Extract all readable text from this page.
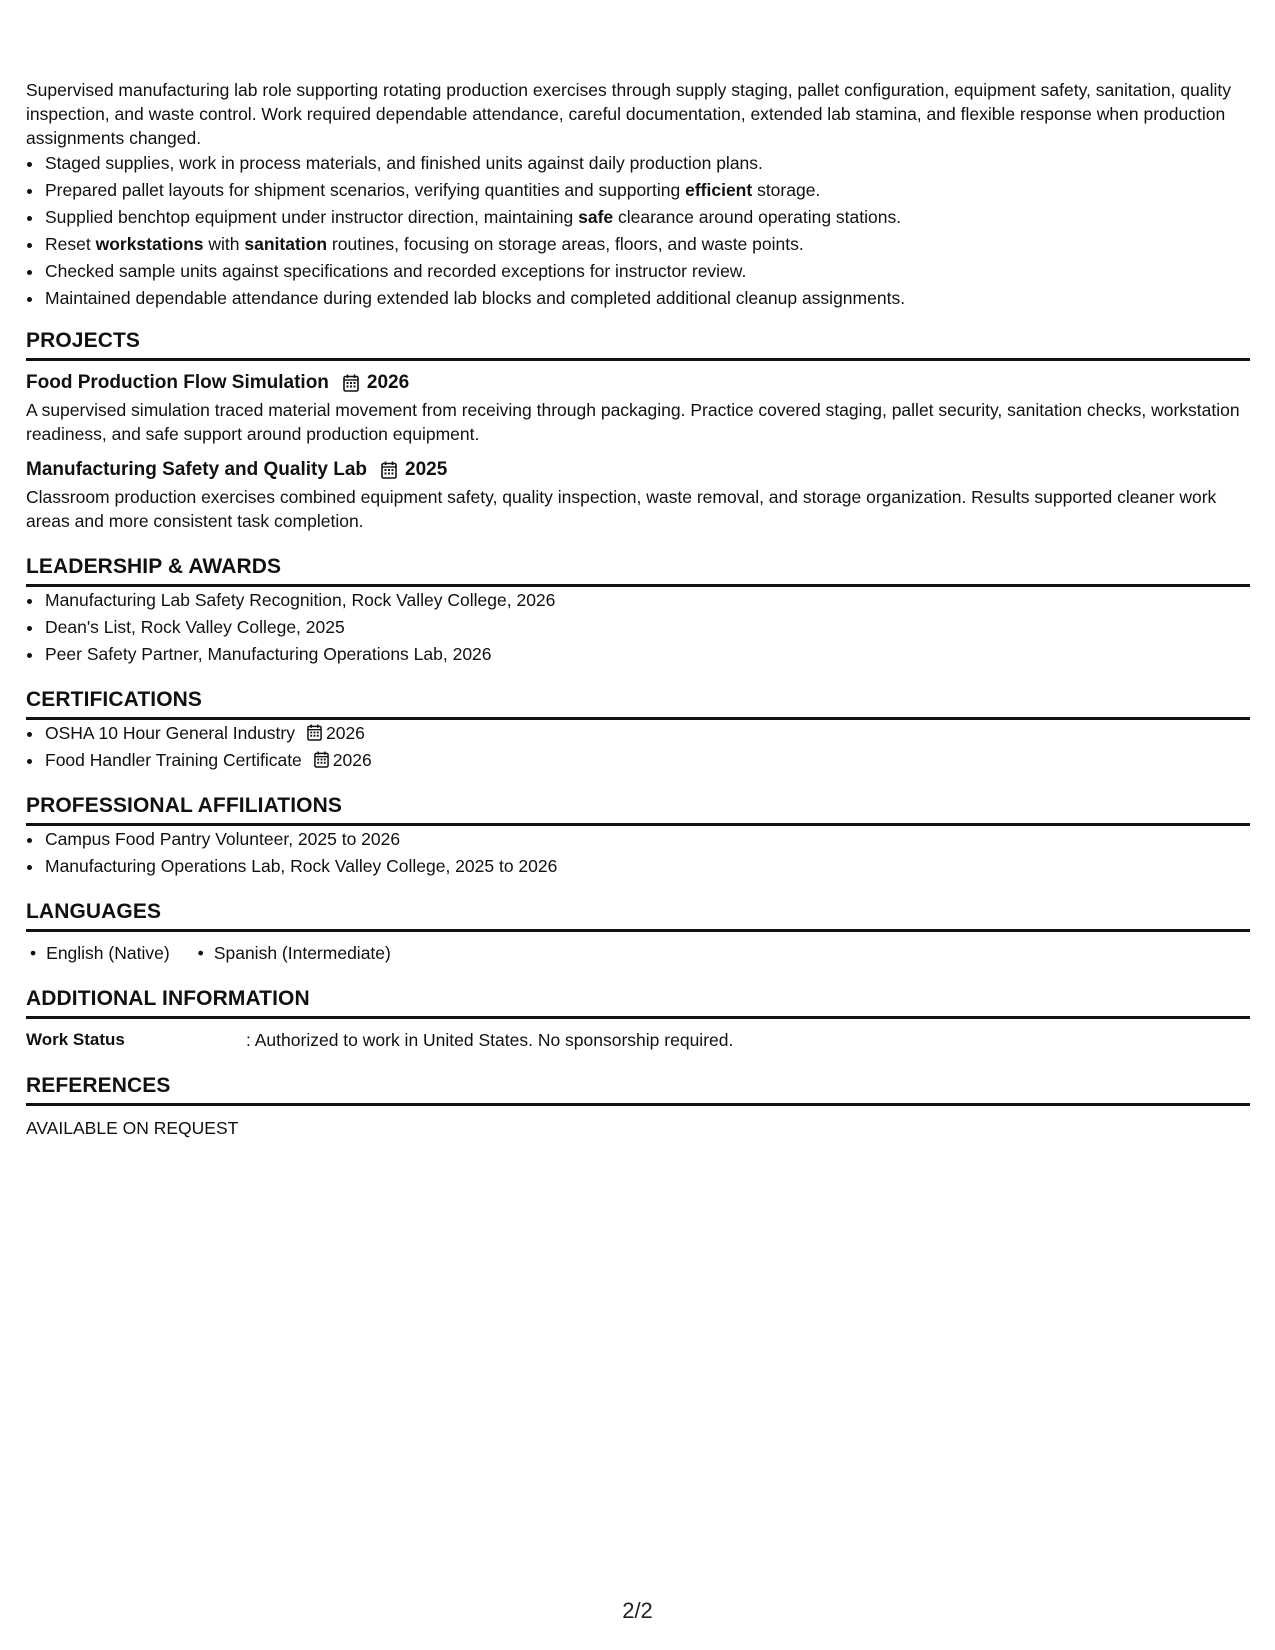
Supervised manufacturing lab role supporting rotating production exercises through supply staging, pallet configuration, equipment safety, sanitation, quality inspection, and waste control. Work required dependable attendance, careful documentation, extended lab stamina, and flexible response when production assignments changed.

• Staged supplies, work in process materials, and finished units against daily production plans.
• Prepared pallet layouts for shipment scenarios, verifying quantities and supporting efficient storage.
• Supplied benchtop equipment under instructor direction, maintaining safe clearance around operating stations.
• Reset workstations with sanitation routines, focusing on storage areas, floors, and waste points.
• Checked sample units against specifications and recorded exceptions for instructor review.
• Maintained dependable attendance during extended lab blocks and completed additional cleanup assignments.
PROJECTS
Food Production Flow Simulation 2026

A supervised simulation traced material movement from receiving through packaging. Practice covered staging, pallet security, sanitation checks, workstation readiness, and safe support around production equipment.

Manufacturing Safety and Quality Lab 2025

Classroom production exercises combined equipment safety, quality inspection, waste removal, and storage organization. Results supported cleaner work areas and more consistent task completion.

LEADERSHIP & AWARDS
• Manufacturing Lab Safety Recognition, Rock Valley College, 2026
• Dean's List, Rock Valley College, 2025
• Peer Safety Partner, Manufacturing Operations Lab, 2026
CERTIFICATIONS
• OSHA 10 Hour General Industry 2026
• Food Handler Training Certificate 2026
PROFESSIONAL AFFILIATIONS
• Campus Food Pantry Volunteer, 2025 to 2026
• Manufacturing Operations Lab, Rock Valley College, 2025 to 2026
LANGUAGES
• English (Native)
•	Spanish (Intermediate)
ADDITIONAL INFORMATION
Work Status	: Authorized to work in United States. No sponsorship required.
REFERENCES
AVAILABLE ON REQUEST
2/2
